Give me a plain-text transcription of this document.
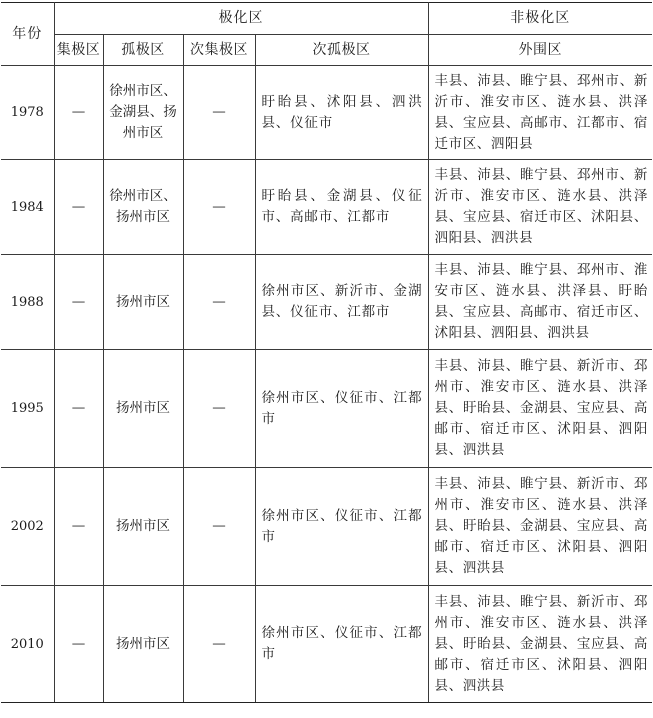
年份	极化区				非极化区
	集极区	孤极区	次集极区	次孤极区	外围区
1978	—	徐州市区、金湖县、扬州市区	—	盱眙县、沭阳县、泗洪县、仪征市	丰县、沛县、睢宁县、邳州市、新沂市、淮安市区、涟水县、洪泽县、宝应县、高邮市、江都市、宿迁市区、泗阳县
1984	—	徐州市区、扬州市区	—	盱眙县、金湖县、仪征市、高邮市、江都市	丰县、沛县、睢宁县、邳州市、新沂市、淮安市区、涟水县、洪泽县、宝应县、宿迁市区、沭阳县、泗阳县、泗洪县
1988	—	扬州市区	—	徐州市区、新沂市、金湖县、仪征市、江都市	丰县、沛县、睢宁县、邳州市、淮安市区、涟水县、洪泽县、盱眙县、宝应县、高邮市、宿迁市区、沭阳县、泗阳县、泗洪县
1995	—	扬州市区	—	徐州市区、仪征市、江都市	丰县、沛县、睢宁县、新沂市、邳州市、淮安市区、涟水县、洪泽县、盱眙县、金湖县、宝应县、高邮市、宿迁市区、沭阳县、泗阳县、泗洪县
2002	—	扬州市区	—	徐州市区、仪征市、江都市	丰县、沛县、睢宁县、新沂市、邳州市、淮安市区、涟水县、洪泽县、盱眙县、金湖县、宝应县、高邮市、宿迁市区、沭阳县、泗阳县、泗洪县
2010	—	扬州市区	—	徐州市区、仪征市、江都市	丰县、沛县、睢宁县、新沂市、邳州市、淮安市区、涟水县、洪泽县、盱眙县、金湖县、宝应县、高邮市、宿迁市区、沭阳县、泗阳县、泗洪县
